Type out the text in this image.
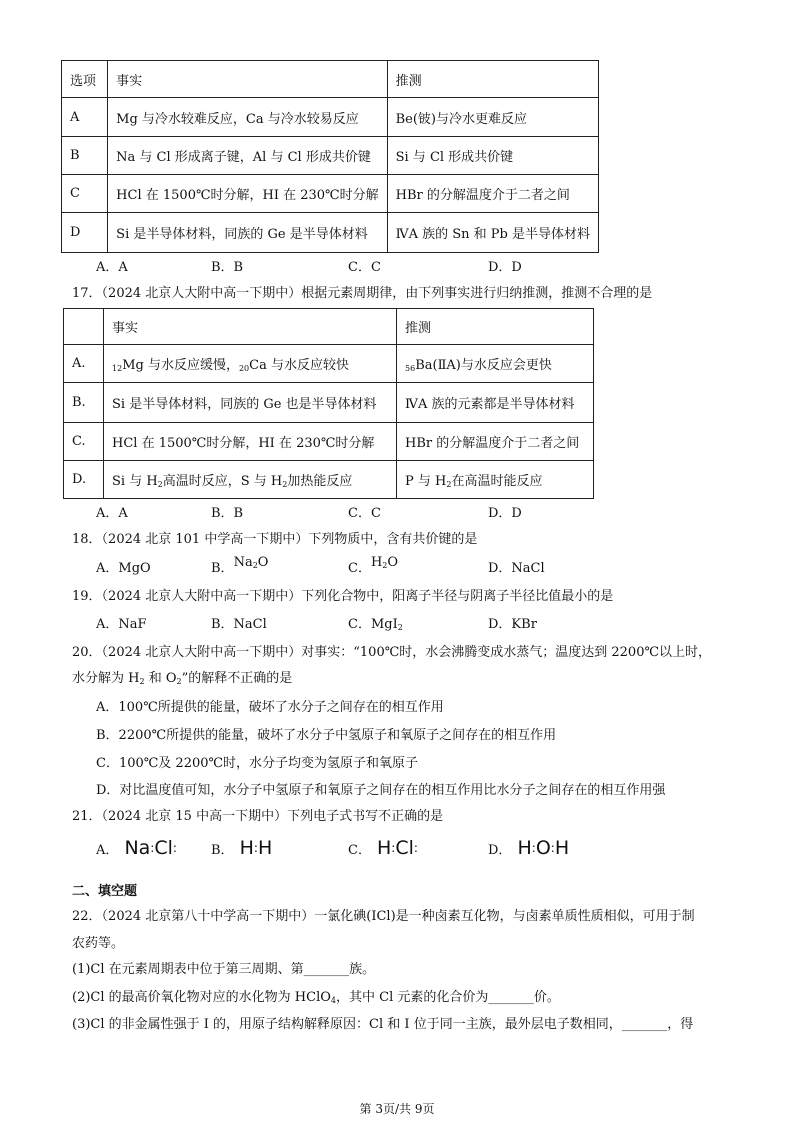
选项	事实	推测
A	Mg 与冷水较难反应，Ca 与冷水较易反应	Be(铍)与冷水更难反应
B	Na 与 Cl 形成离子键，Al 与 Cl 形成共价键	Si 与 Cl 形成共价键
C	HCl 在 1500℃时分解，HI 在 230℃时分解	HBr 的分解温度介于二者之间
D	Si 是半导体材料，同族的 Ge 是半导体材料	ⅣA 族的 Sn 和 Pb 是半导体材料
A．A	B．B	C．C	D．D
17．（2024 北京人大附中高一下期中）根据元素周期律，由下列事实进行归纳推测，推测不合理的是
	事实	推测
A.	$_{12}$Mg 与水反应缓慢，$_{20}$Ca 与水反应较快	$_{56}$Ba(ⅡA)与水反应会更快
B.	Si 是半导体材料，同族的 Ge 也是半导体材料	ⅣA 族的元素都是半导体材料
C.	HCl 在 1500℃时分解，HI 在 230℃时分解	HBr 的分解温度介于二者之间
D.	Si 与 $H_2$高温时反应，S 与 $H_2$加热能反应	P 与 $H_2$在高温时能反应
A．A	B．B	C．C	D．D
18．（2024 北京 101 中学高一下期中）下列物质中，含有共价键的是
A．MgO	B．$Na_2O$	C．$H_2O$	D．NaCl
19．（2024 北京人大附中高一下期中）下列化合物中，阳离子半径与阴离子半径比值最小的是
A．NaF	B．NaCl	C．MgI$_2$	D．KBr
20．（2024 北京人大附中高一下期中）对事实：“100℃时，水会沸腾变成水蒸气；温度达到 2200℃以上时，
水分解为 $H_2$ 和 $O_2$”的解释不正确的是
A．100℃所提供的能量，破坏了水分子之间存在的相互作用
B．2200℃所提供的能量，破坏了水分子中氢原子和氧原子之间存在的相互作用
C．100℃及 2200℃时，水分子均变为氢原子和氧原子
D．对比温度值可知，水分子中氢原子和氧原子之间存在的相互作用比水分子之间存在的相互作用强
21．（2024 北京 15 中高一下期中）下列电子式书写不正确的是
A． Na:Cl:	B． H:H	C． H:Cl:	D． H:O:H
二、填空题
22．（2024 北京第八十中学高一下期中）一氯化碘(ICl)是一种卤素互化物，与卤素单质性质相似，可用于制
农药等。
(1)Cl 在元素周期表中位于第三周期、第_______族。
(2)Cl 的最高价氧化物对应的水化物为 HClO$_4$，其中 Cl 元素的化合价为_______价。
(3)Cl 的非金属性强于 I 的，用原子结构解释原因：Cl 和 I 位于同一主族，最外层电子数相同，_______，得
第 3页/共 9页
